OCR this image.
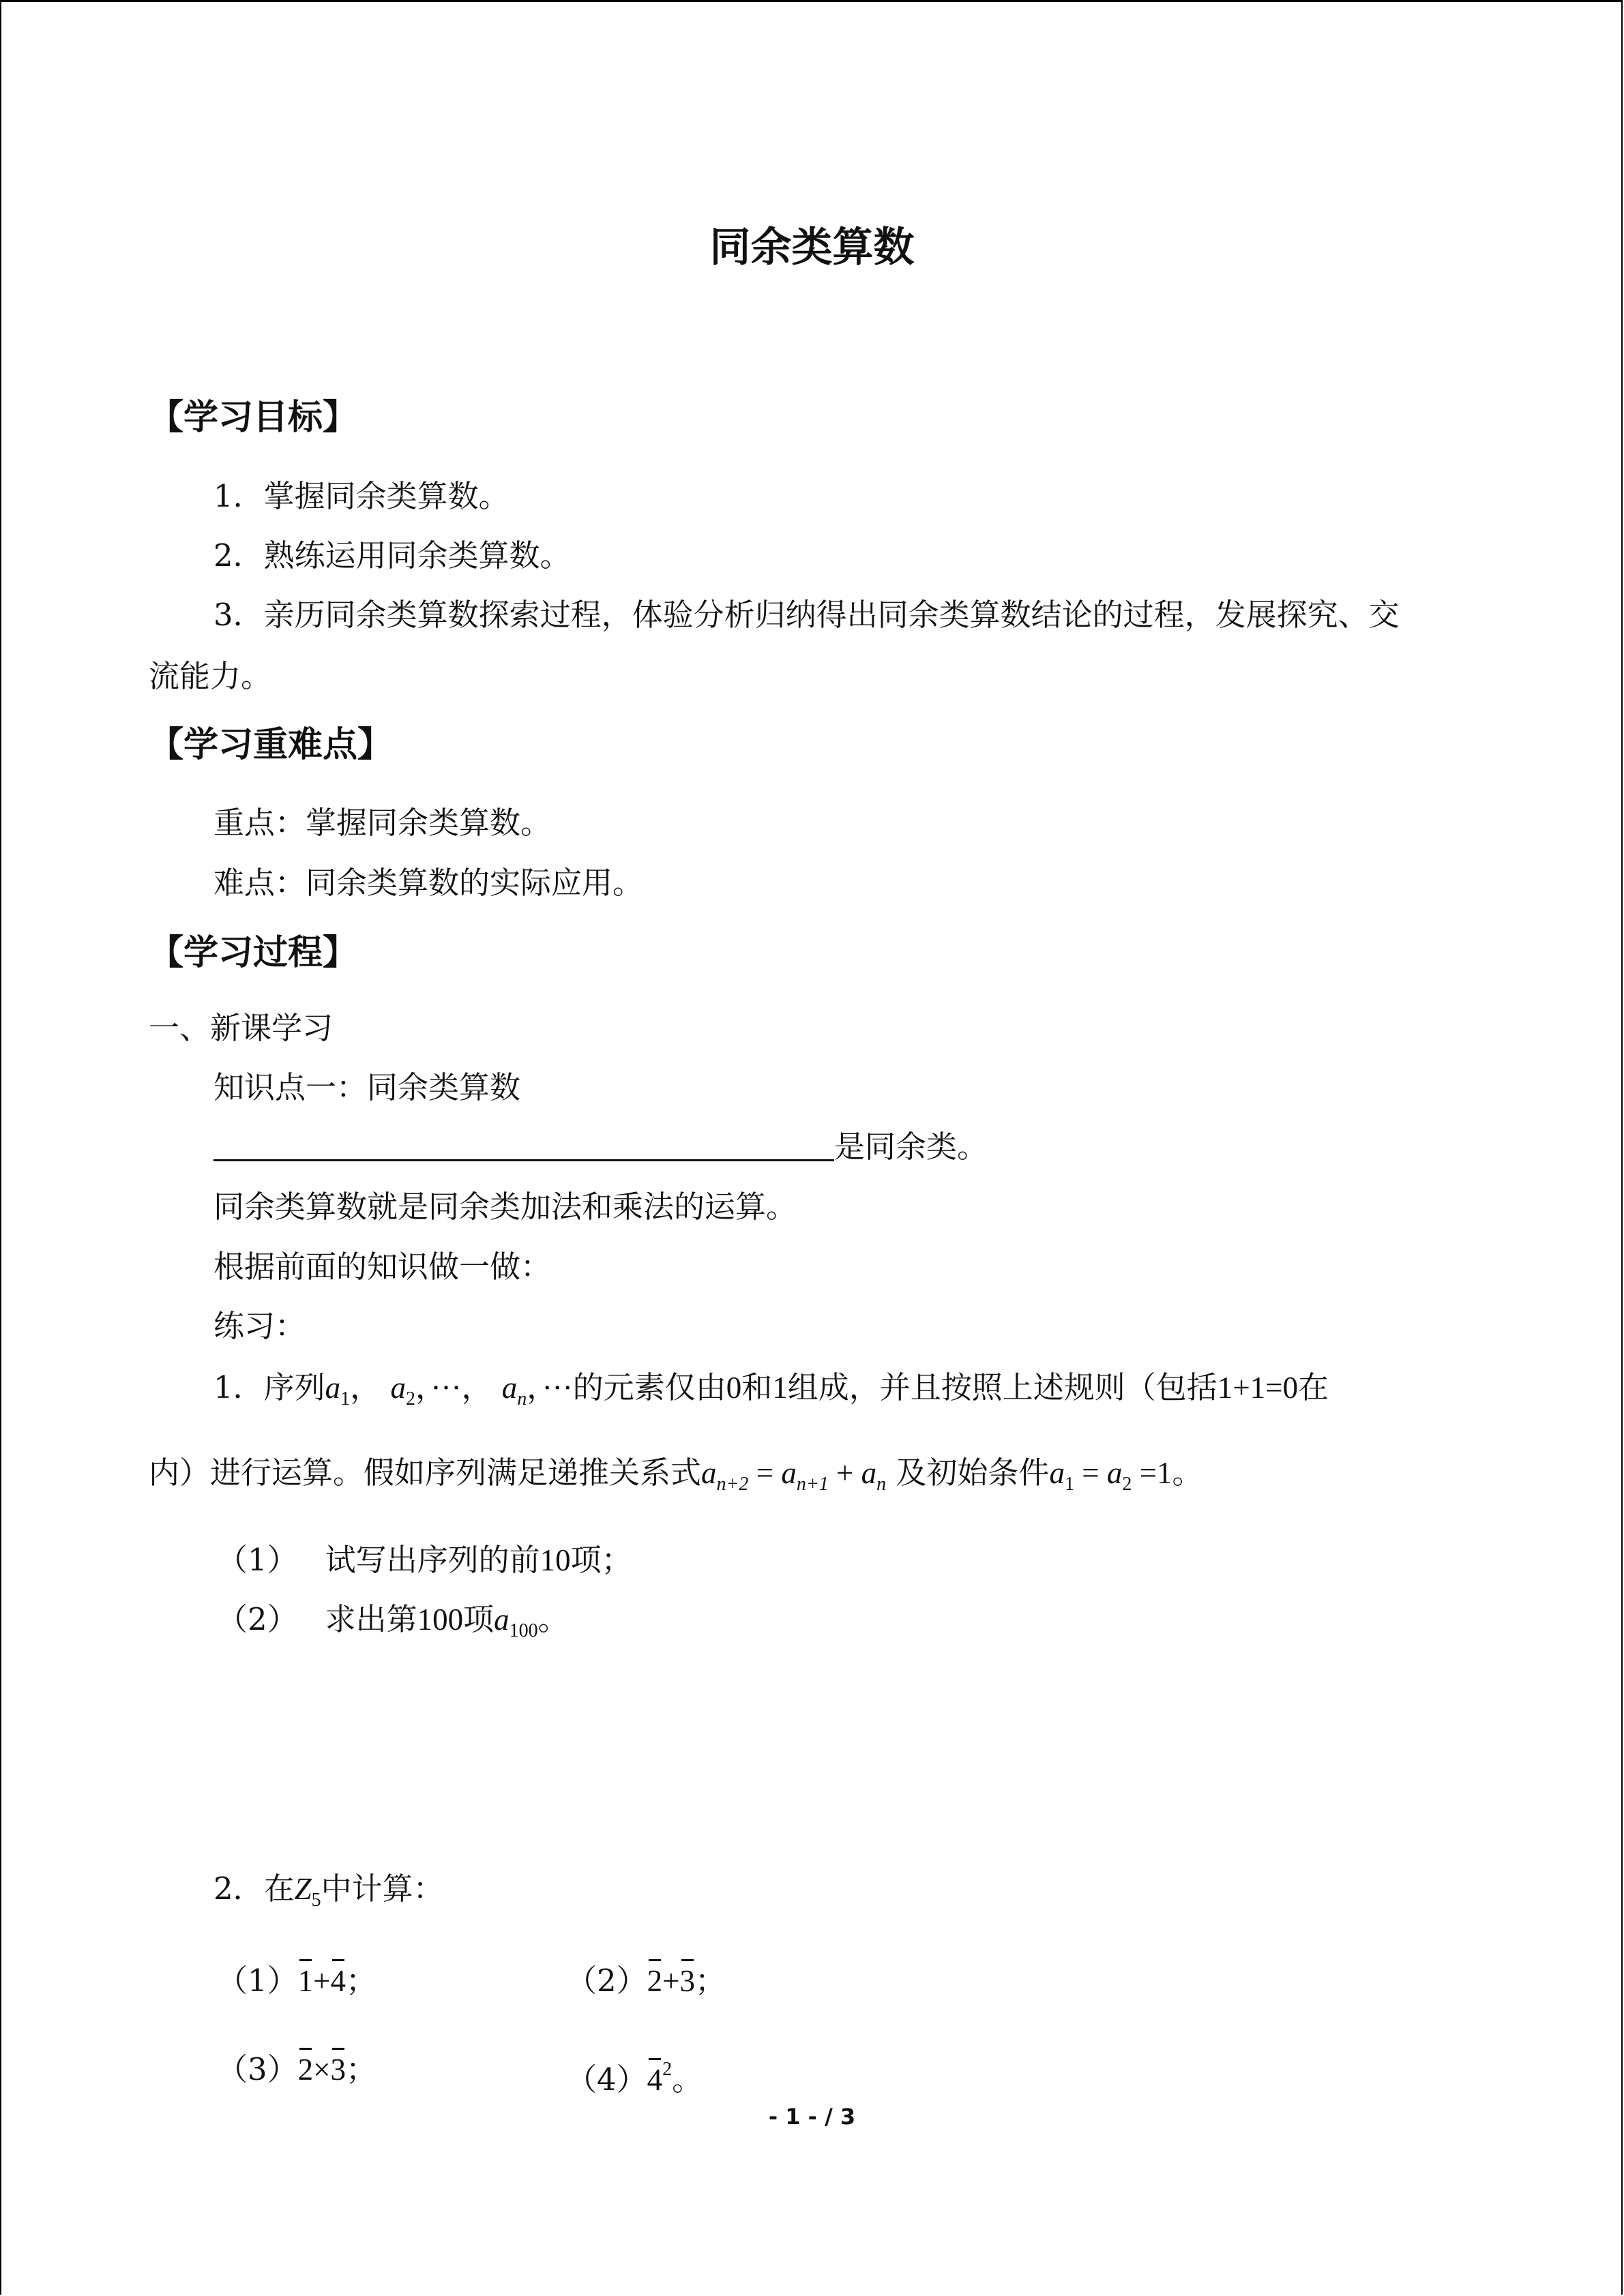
同余类算数
【学习目标】
1．掌握同余类算数。
2．熟练运用同余类算数。
3．亲历同余类算数探索过程，体验分析归纳得出同余类算数结论的过程，发展探究、交
流能力。
【学习重难点】
重点：掌握同余类算数。
难点：同余类算数的实际应用。
【学习过程】
一、新课学习
知识点一：同余类算数
是同余类。
同余类算数就是同余类加法和乘法的运算。
根据前面的知识做一做：
练习：
1．序列$a_1$， $a_2$，···， $a_n$，···的元素仅由0和1组成，并且按照上述规则（包括1+1=0在
内）进行运算。假如序列满足递推关系式$a_{n+2} = a_{n+1} + a_n$ 及初始条件$a_1 = a_2 =1$。
（1） 试写出序列的前10项；
（2） 求出第100项$a_{100}$。
2．在$Z_5$中计算：
（1）1+4；	（2）2+3；
（3）2×3；	$(4)4^2$。
- 1 - / 3
